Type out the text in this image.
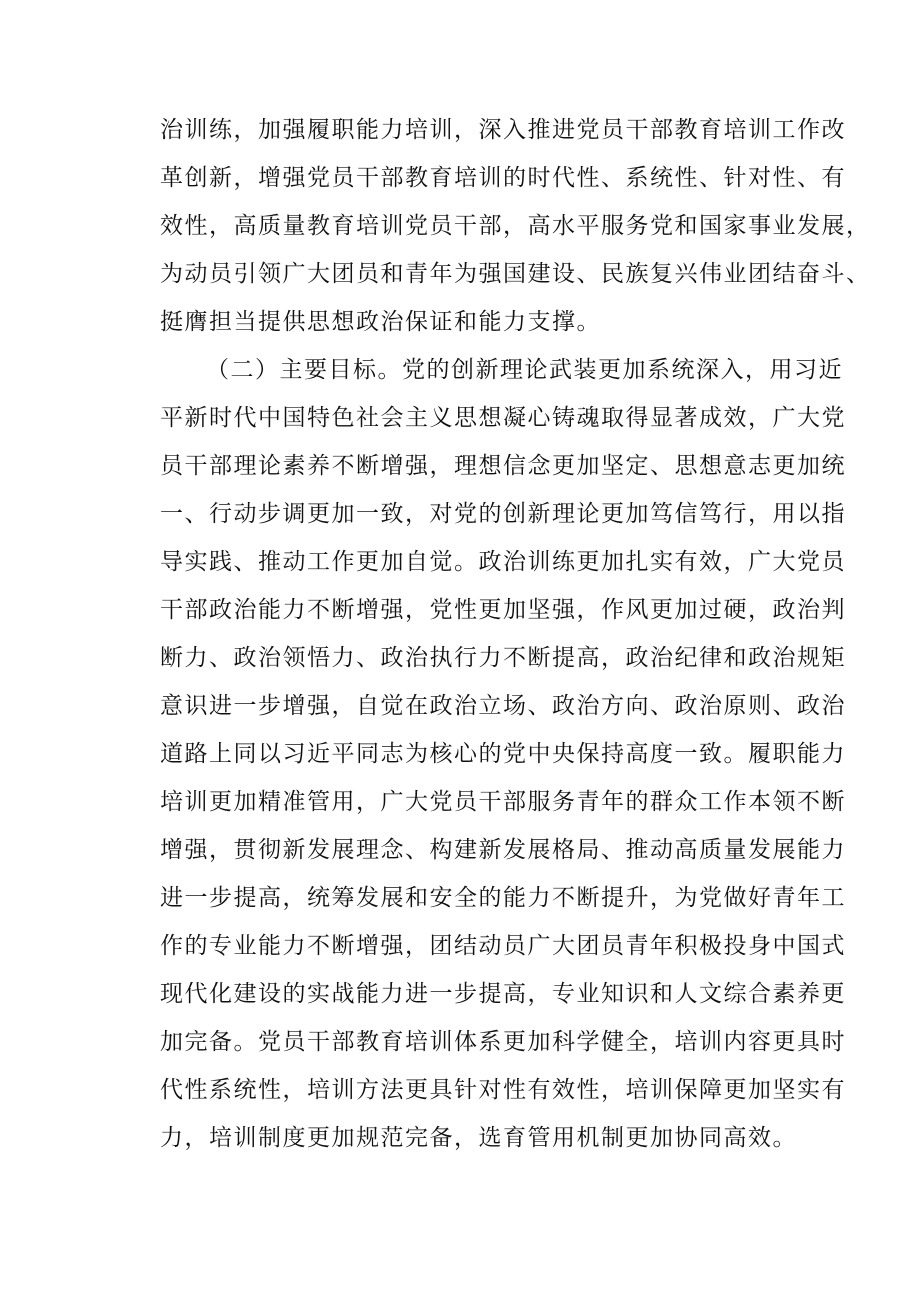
治训练，加强履职能力培训，深入推进党员干部教育培训工作改
革创新，增强党员干部教育培训的时代性、系统性、针对性、有
效性，高质量教育培训党员干部，高水平服务党和国家事业发展，
为动员引领广大团员和青年为强国建设、民族复兴伟业团结奋斗、
挺膺担当提供思想政治保证和能力支撑。
（二）主要目标。党的创新理论武装更加系统深入，用习近
平新时代中国特色社会主义思想凝心铸魂取得显著成效，广大党
员干部理论素养不断增强，理想信念更加坚定、思想意志更加统
一、行动步调更加一致，对党的创新理论更加笃信笃行，用以指
导实践、推动工作更加自觉。政治训练更加扎实有效，广大党员
干部政治能力不断增强，党性更加坚强，作风更加过硬，政治判
断力、政治领悟力、政治执行力不断提高，政治纪律和政治规矩
意识进一步增强，自觉在政治立场、政治方向、政治原则、政治
道路上同以习近平同志为核心的党中央保持高度一致。履职能力
培训更加精准管用，广大党员干部服务青年的群众工作本领不断
增强，贯彻新发展理念、构建新发展格局、推动高质量发展能力
进一步提高，统筹发展和安全的能力不断提升，为党做好青年工
作的专业能力不断增强，团结动员广大团员青年积极投身中国式
现代化建设的实战能力进一步提高，专业知识和人文综合素养更
加完备。党员干部教育培训体系更加科学健全，培训内容更具时
代性系统性，培训方法更具针对性有效性，培训保障更加坚实有
力，培训制度更加规范完备，选育管用机制更加协同高效。
